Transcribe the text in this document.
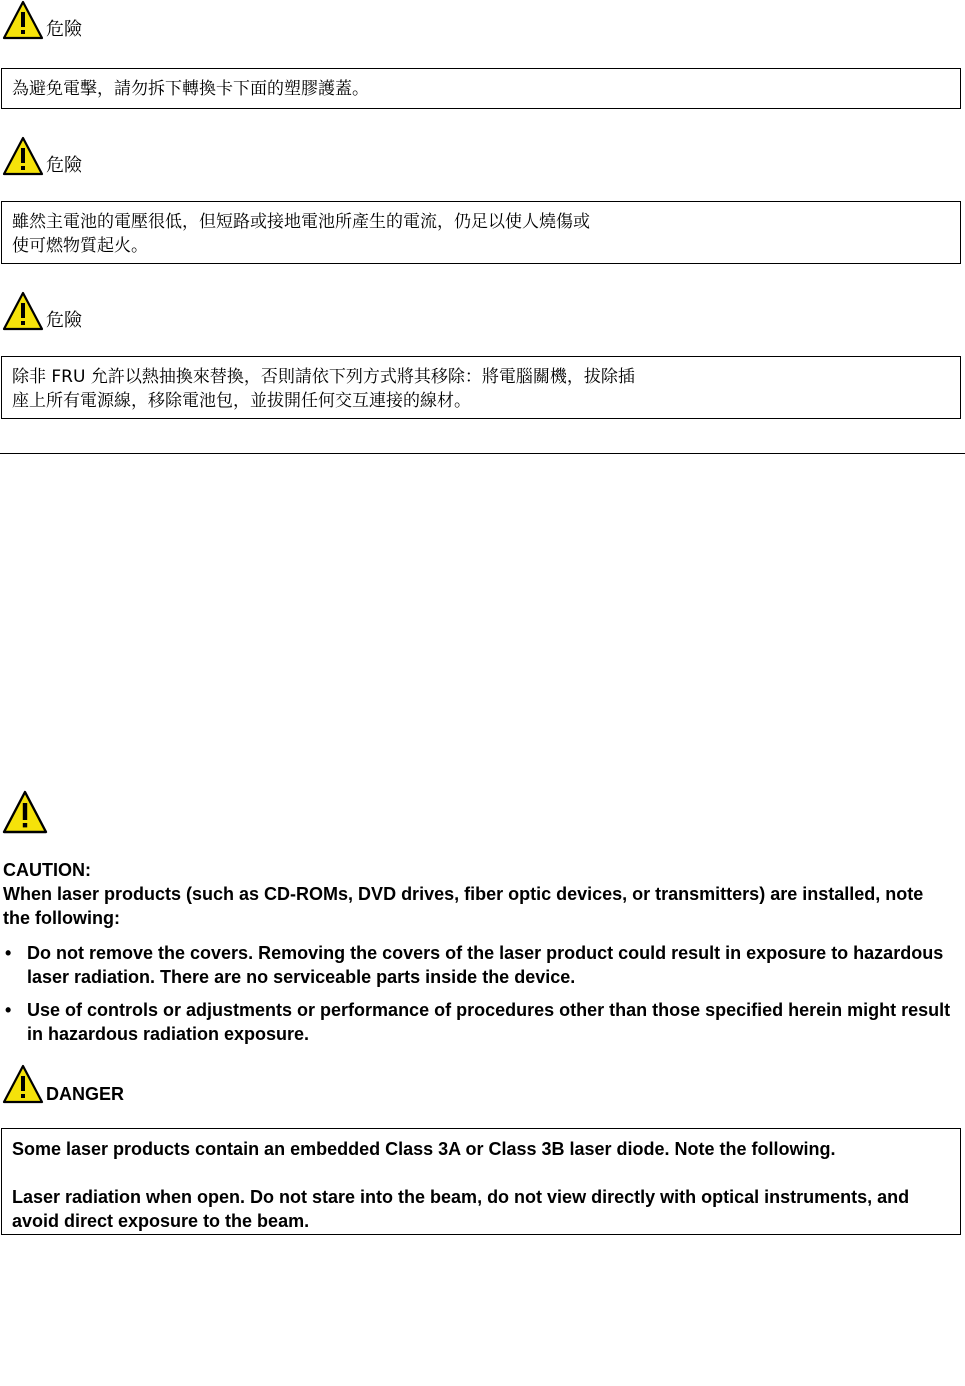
危險

為避免電擊，請勿拆下轉換卡下面的塑膠護蓋。

危險

雖然主電池的電壓很低，但短路或接地電池所產生的電流，仍足以使人燒傷或

使可燃物質起火。

危險

除非 FRU 允許以熱抽換來替換，否則請依下列方式將其移除：將電腦關機，拔除插

座上所有電源線，移除電池包，並拔開任何交互連接的線材。

CAUTION:
When laser products (such as CD-ROMs, DVD drives, fiber optic devices, or transmitters) are installed, note the following:
• Do not remove the covers. Removing the covers of the laser product could result in exposure to hazardous laser radiation. There are no serviceable parts inside the device.
• Use of controls or adjustments or performance of procedures other than those specified herein might result in hazardous radiation exposure.
DANGER

Some laser products contain an embedded Class 3A or Class 3B laser diode. Note the following.

Laser radiation when open. Do not stare into the beam, do not view directly with optical instruments, and avoid direct exposure to the beam.
